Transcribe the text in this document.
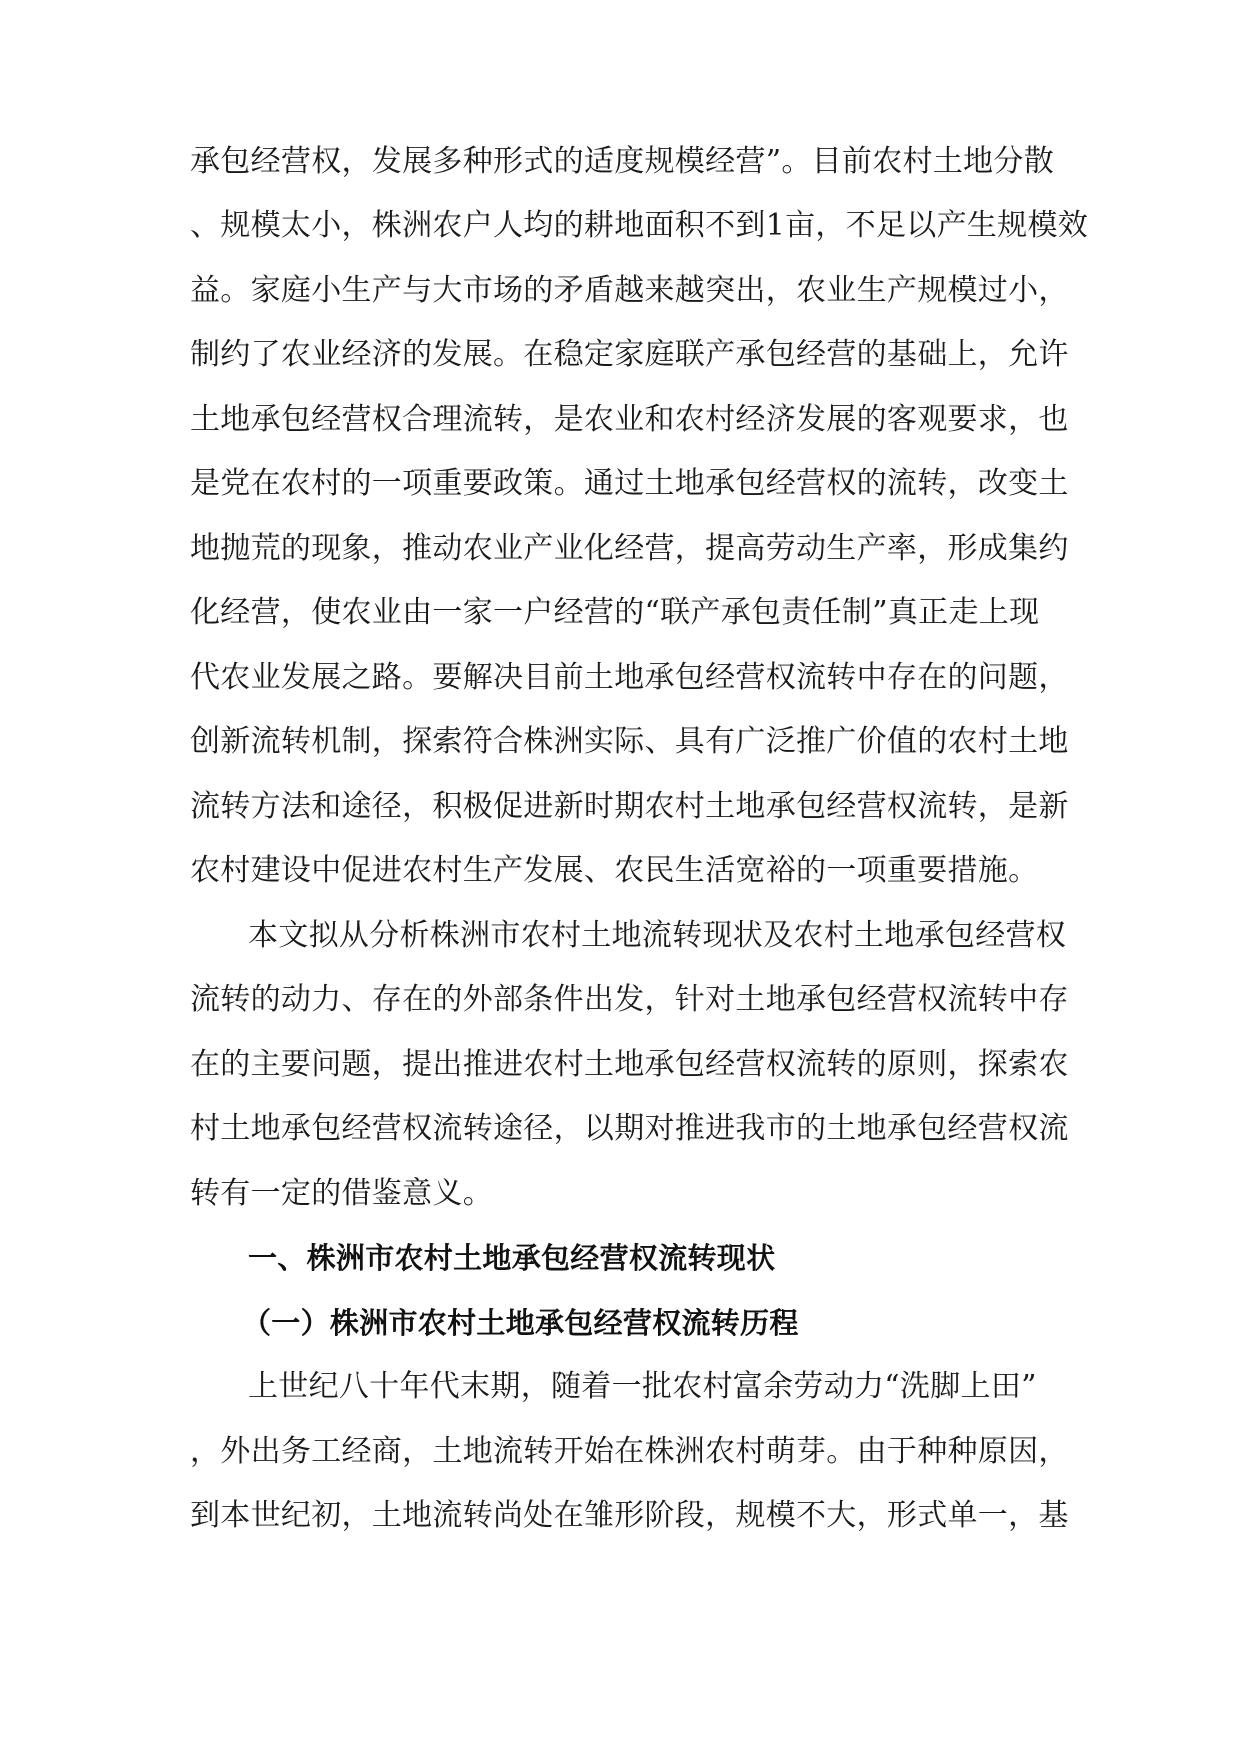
承包经营权，发展多种形式的适度规模经营”。目前农村土地分散
、规模太小，株洲农户人均的耕地面积不到1亩，不足以产生规模效
益。家庭小生产与大市场的矛盾越来越突出，农业生产规模过小，
制约了农业经济的发展。在稳定家庭联产承包经营的基础上，允许
土地承包经营权合理流转，是农业和农村经济发展的客观要求，也
是党在农村的一项重要政策。通过土地承包经营权的流转，改变土
地抛荒的现象，推动农业产业化经营，提高劳动生产率，形成集约
化经营，使农业由一家一户经营的“联产承包责任制”真正走上现
代农业发展之路。要解决目前土地承包经营权流转中存在的问题，
创新流转机制，探索符合株洲实际、具有广泛推广价值的农村土地
流转方法和途径，积极促进新时期农村土地承包经营权流转，是新
农村建设中促进农村生产发展、农民生活宽裕的一项重要措施。
本文拟从分析株洲市农村土地流转现状及农村土地承包经营权
流转的动力、存在的外部条件出发，针对土地承包经营权流转中存
在的主要问题，提出推进农村土地承包经营权流转的原则，探索农
村土地承包经营权流转途径，以期对推进我市的土地承包经营权流
转有一定的借鉴意义。
一、株洲市农村土地承包经营权流转现状
（一）株洲市农村土地承包经营权流转历程
上世纪八十年代末期，随着一批农村富余劳动力“洗脚上田”
，外出务工经商，土地流转开始在株洲农村萌芽。由于种种原因，
到本世纪初，土地流转尚处在雏形阶段，规模不大，形式单一，基
